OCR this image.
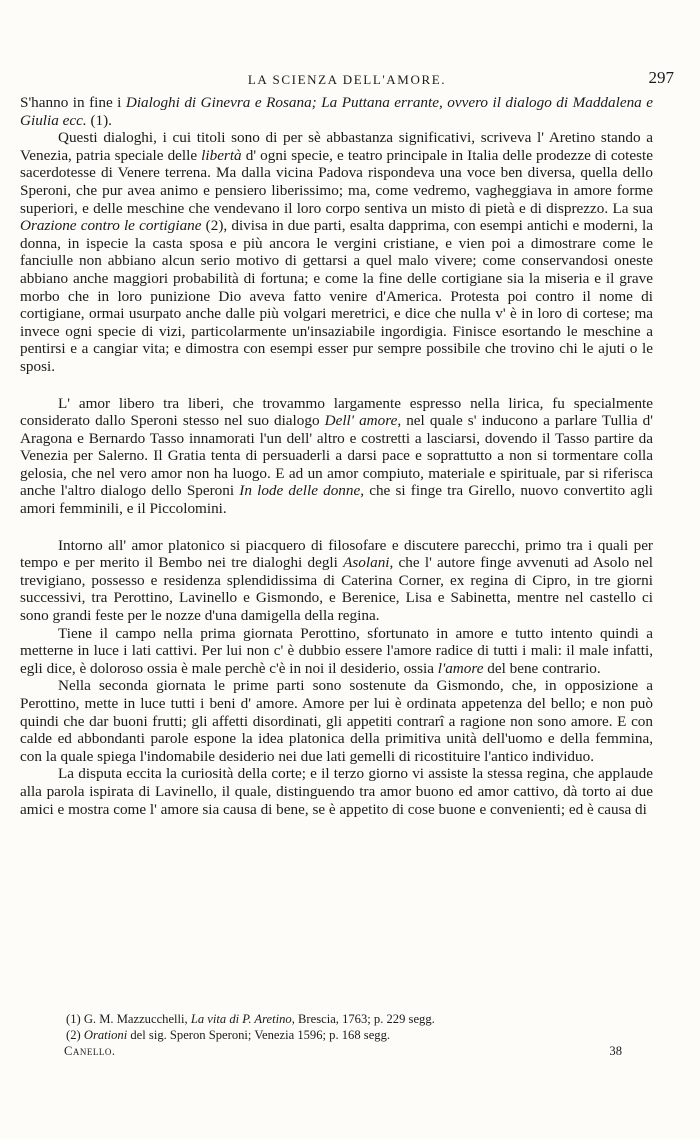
LA SCIENZA DELL'AMORE.	297

S'hanno in fine i Dialoghi di Ginevra e Rosana; La Puttana errante, ovvero il dialogo di Maddalena e Giulia ecc. (1).

Questi dialoghi, i cui titoli sono di per sè abbastanza significativi, scriveva l' Aretino stando a Venezia, patria speciale delle libertà d' ogni specie, e teatro principale in Italia delle prodezze di coteste sacerdotesse di Venere terrena. Ma dalla vicina Padova rispondeva una voce ben diversa, quella dello Speroni, che pur avea animo e pensiero liberissimo; ma, come vedremo, vagheggiava in amore forme superiori, e delle meschine che vendevano il loro corpo sentiva un misto di pietà e di disprezzo. La sua Orazione contro le cortigiane (2), divisa in due parti, esalta dapprima, con esempi antichi e moderni, la donna, in ispecie la casta sposa e più ancora le vergini cristiane, e vien poi a dimostrare come le fanciulle non abbiano alcun serio motivo di gettarsi a quel malo vivere; come conservandosi oneste abbiano anche maggiori probabilità di fortuna; e come la fine delle cortigiane sia la miseria e il grave morbo che in loro punizione Dio aveva fatto venire d'America. Protesta poi contro il nome di cortigiane, ormai usurpato anche dalle più volgari meretrici, e dice che nulla v' è in loro di cortese; ma invece ogni specie di vizi, particolarmente un'insaziabile ingordigia. Finisce esortando le meschine a pentirsi e a cangiar vita; e dimostra con esempi esser pur sempre possibile che trovino chi le ajuti o le sposi.

L' amor libero tra liberi, che trovammo largamente espresso nella lirica, fu specialmente considerato dallo Speroni stesso nel suo dialogo Dell' amore, nel quale s' inducono a parlare Tullia d' Aragona e Bernardo Tasso innamorati l'un dell' altro e costretti a lasciarsi, dovendo il Tasso partire da Venezia per Salerno. Il Gratia tenta di persuaderli a darsi pace e soprattutto a non si tormentare colla gelosia, che nel vero amor non ha luogo. E ad un amor compiuto, materiale e spirituale, par si riferisca anche l'altro dialogo dello Speroni In lode delle donne, che si finge tra Girello, nuovo convertito agli amori femminili, e il Piccolomini.

Intorno all' amor platonico si piacquero di filosofare e discutere parecchi, primo tra i quali per tempo e per merito il Bembo nei tre dialoghi degli Asolani, che l' autore finge avvenuti ad Asolo nel trevigiano, possesso e residenza splendidissima di Caterina Corner, ex regina di Cipro, in tre giorni successivi, tra Perottino, Lavinello e Gismondo, e Berenice, Lisa e Sabinetta, mentre nel castello ci sono grandi feste per le nozze d'una damigella della regina.

Tiene il campo nella prima giornata Perottino, sfortunato in amore e tutto intento quindi a metterne in luce i lati cattivi. Per lui non c' è dubbio essere l'amore radice di tutti i mali: il male infatti, egli dice, è doloroso ossia è male perchè c'è in noi il desiderio, ossia l'amore del bene contrario.

Nella seconda giornata le prime parti sono sostenute da Gismondo, che, in opposizione a Perottino, mette in luce tutti i beni d' amore. Amore per lui è ordinata appetenza del bello; e non può quindi che dar buoni frutti; gli affetti disordinati, gli appetiti contrarî a ragione non sono amore. E con calde ed abbondanti parole espone la idea platonica della primitiva unità dell'uomo e della femmina, con la quale spiega l'indomabile desiderio nei due lati gemelli di ricostituire l'antico individuo.

La disputa eccita la curiosità della corte; e il terzo giorno vi assiste la stessa regina, che applaude alla parola ispirata di Lavinello, il quale, distinguendo tra amor buono ed amor cattivo, dà torto ai due amici e mostra come l' amore sia causa di bene, se è appetito di cose buone e convenienti; ed è causa di

(1) G. M. Mazzucchelli, La vita di P. Aretino, Brescia, 1763; p. 229 segg.
(2) Orationi del sig. Speron Speroni; Venezia 1596; p. 168 segg.
Canello.	38
